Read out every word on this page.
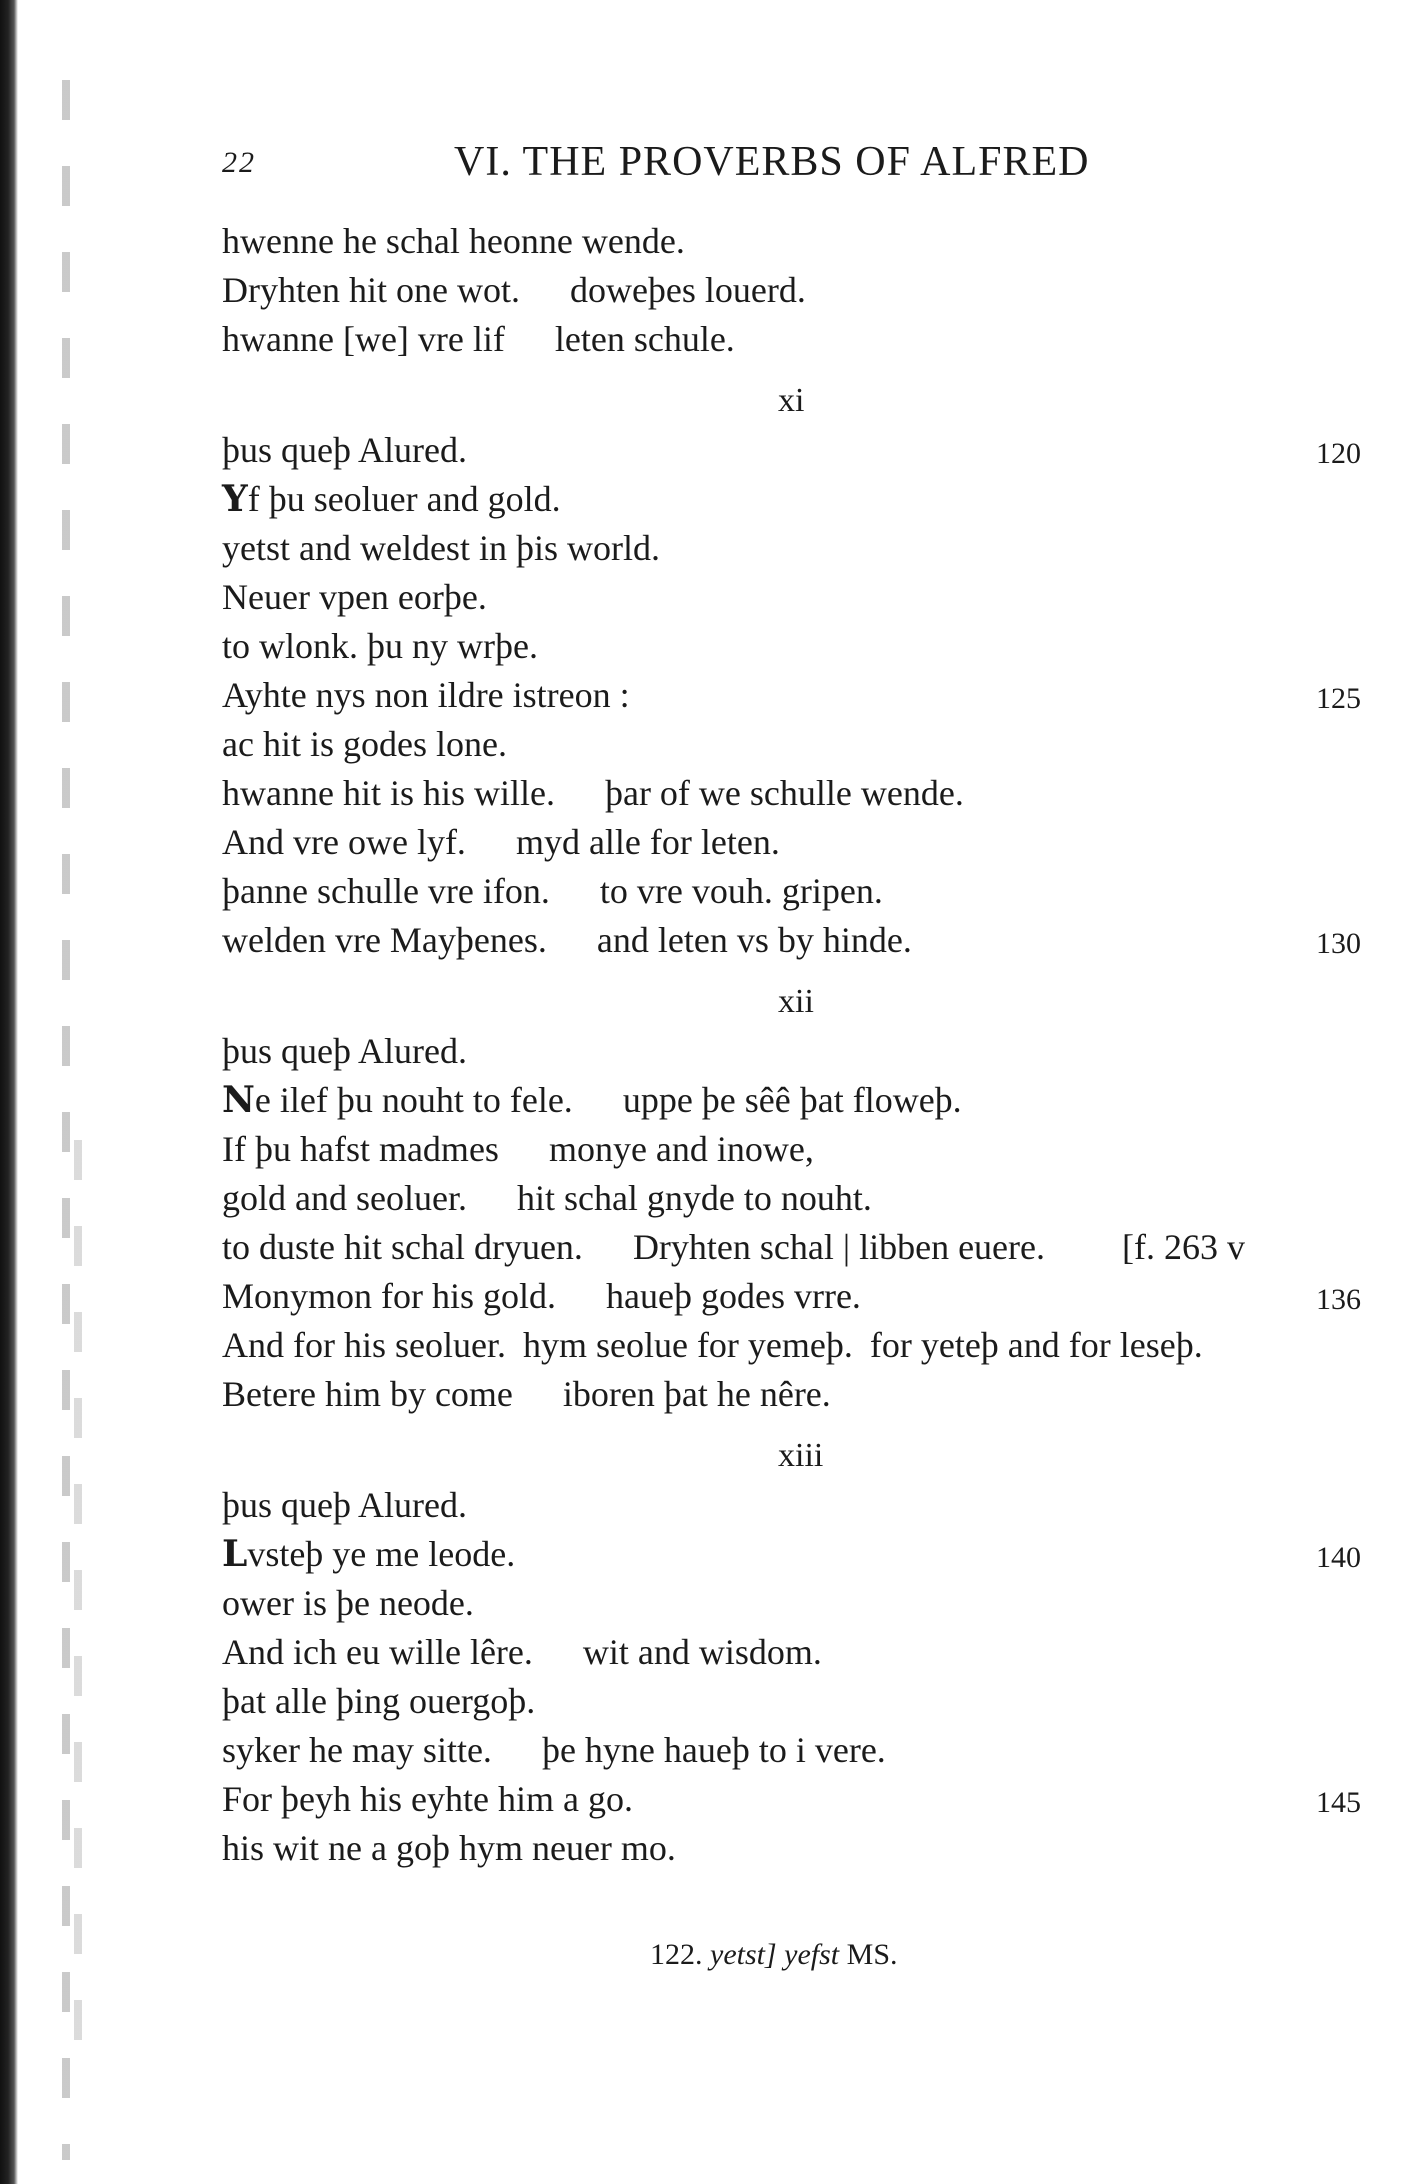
22	VI. THE PROVERBS OF ALFRED
hwenne he schal heonne wende.
Dryhten hit one wot. doweþes louerd.
hwanne [we] vre lif leten schule.
xi
þus queþ Alured.	120
Yf þu seoluer and gold.
yetst and weldest in þis world.
Neuer vpen eorþe.
to wlonk. þu ny wrþe.
Ayhte nys non ildre istreon :	125
ac hit is godes lone.
hwanne hit is his wille. þar of we schulle wende.
And vre owe lyf. myd alle for leten.
þanne schulle vre ifon. to vre vouh. gripen.
welden vre Mayþenes. and leten vs by hinde.	130
xii
þus queþ Alured.
Ne ilef þu nouht to fele. uppe þe sêê þat floweþ.
If þu hafst madmes monye and inowe,
gold and seoluer. hit schal gnyde to nouht.
to duste hit schal dryuen. Dryhten schal | libben euere. [f. 263 v
Monymon for his gold. haueþ godes vrre.	136
And for his seoluer. hym seolue for yemeþ. for yeteþ and for leseþ.
Betere him by come iboren þat he nêre.
xiii
þus queþ Alured.
Lvsteþ ye me leode.	140
ower is þe neode.
And ich eu wille lêre. wit and wisdom.
þat alle þing ouergoþ.
syker he may sitte. þe hyne haueþ to i vere.
For þeyh his eyhte him a go.	145
his wit ne a goþ hym neuer mo.
122. yetst] yefst MS.
